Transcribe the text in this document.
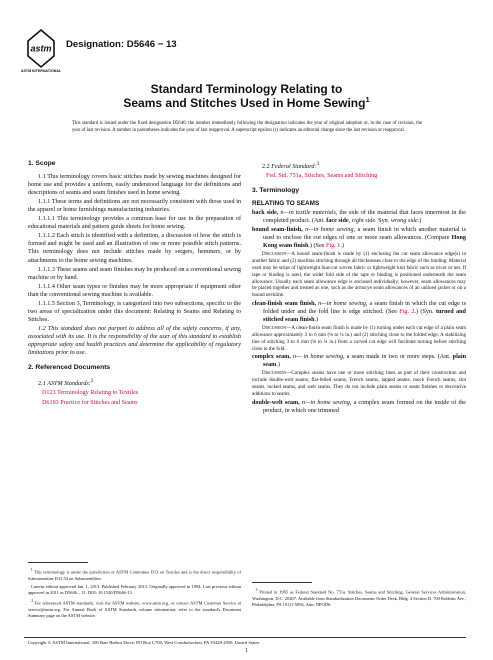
astm
ASTM INTERNATIONAL
Designation: D5646 − 13
Standard Terminology Relating to
Seams and Stitches Used in Home Sewing$^1$
This standard is issued under the fixed designation D5646; the number immediately following the designation indicates the year of original adoption or, in the case of revision, the year of last revision. A number in parentheses indicates the year of last reapproval. A superscript epsilon (ε) indicates an editorial change since the last revision or reapproval.

1. Scope

1.1 This terminology covers basic stitches made by sewing machines designed for home use and provides a uniform, easily understood language for the definitions and descriptions of seams and seam finishes used in home sewing.

1.1.1 These terms and definitions are not necessarily consistent with those used in the apparel or home furnishings manufacturing industries.

1.1.1.1 This terminology provides a common base for use in the preparation of educational materials and pattern guide sheets for home sewing.

1.1.1.2 Each stitch is identified with a definition, a discussion of how the stitch is formed and might be used and an illustration of one or more possible stitch patterns. This terminology does not include stitches made by sergers, hemmers, or by attachments to the home sewing machines.

1.1.1.3 These seams and seam finishes may be produced on a conventional sewing machine or by hand.

1.1.1.4 Other seam types or finishes may be more appropriate if equipment other than the conventional sewing machine is available.

1.1.1.5 Section 3, Terminology, is categorized into two subsections, specific to the two areas of specialization under this document: Relating to Seams and Relating to Stitches.

1.2 This standard does not purport to address all of the safety concerns, if any, associated with its use. It is the responsibility of the user of this standard to establish appropriate safety and health practices and determine the applicability of regulatory limitations prior to use.

2. Referenced Documents

2.1 ASTM Standards:$^2$

D123 Terminology Relating to Textiles

D6193 Practice for Stitches and Seams

$^1$ This terminology is under the jurisdiction of ASTM Committee D13 on Textiles and is the direct responsibility of Subcommittee D13.54 on Subassemblies.

Current edition approved Jan. 1, 2013. Published February 2013. Originally approved in 1994. Last previous edition approved in 2011 as D5646 – 11. DOI: 10.1520/D5646-13.

$^2$ For referenced ASTM standards, visit the ASTM website, www.astm.org, or contact ASTM Customer Service at service@astm.org. For Annual Book of ASTM Standards volume information, refer to the standard's Document Summary page on the ASTM website.

2.2 Federal Standard:$^3$

Fed. Std. 751a, Stitches, Seams and Stitching

3. Terminology

RELATING TO SEAMS

back side, n—in textile materials, the side of the material that faces innermost in the completed product. (Ant. face side, right side. Syn. wrong side.)

bound seam-finish, n—in home sewing, a seam finish in which another material is used to enclose the cut edges of one or more seam allowances. (Compare Hong Kong seam finish.) (See Fig. 1.)

Discussion—A bound seam-finish is made by (1) enclosing the cut seam allowance edge(s) in another fabric and (2) machine stitching through all thicknesses close to the edge of the binding. Material used may be strips of lightweight bias-cut woven fabric or lightweight knit fabric such as tricot or net. If tape or binding is used, the wider fold side of the tape or binding is positioned underneath the seam allowance. Usually each seam allowance edge is enclosed individually; however, seam allowances may be placed together and treated as one, such as the armscye seam allowances of an unlined jacket or on a bound neckline.

clean-finish seam finish, n—in home sewing, a seam finish in which the cut edge is folded under and the fold line is edge stitched. (See Fig. 2.) (Syn. turned and stitched seam finish.)

Discussion—A clean-finish seam finish is made by (1) turning under each cut edge of a plain seam allowance approximately 3 to 6 mm (⅛ to ¼ in.) and (2) stitching close to the folded edge. A stabilizing line of stitching 3 to 6 mm (⅛ to ¼ in.) from a curved cut edge will facilitate turning before stitching close to the fold.

complex seam, n— in home sewing, a seam made in two or more steps. (Ant. plain seam.)

Discussion—Complex seams have one or more stitching lines as part of their construction and include double-welt seams, flat-felled seams, French seams, lapped seams, mock French seams, slot seams, tucked seams, and welt seams. They do not include plain seams or seam finishes or decorative additions to seams.

double-welt seam, n—in home sewing, a complex seam formed on the inside of the product, in which one trimmed

$^3$ Printed in 1965 as Federal Standard No. 751a. Stitches, Seams and Stitching, General Services Administration, Washington, D.C. 20407. Available from Standardization Documents Order Desk, Bldg. 4 Section D, 700 Robbins Ave., Philadelphia, PA 19111-5094, Attn: NPODS.

Copyright © ASTM International, 100 Barr Harbor Drive, PO Box C700, West Conshohocken, PA 19428-2959. United States
1
